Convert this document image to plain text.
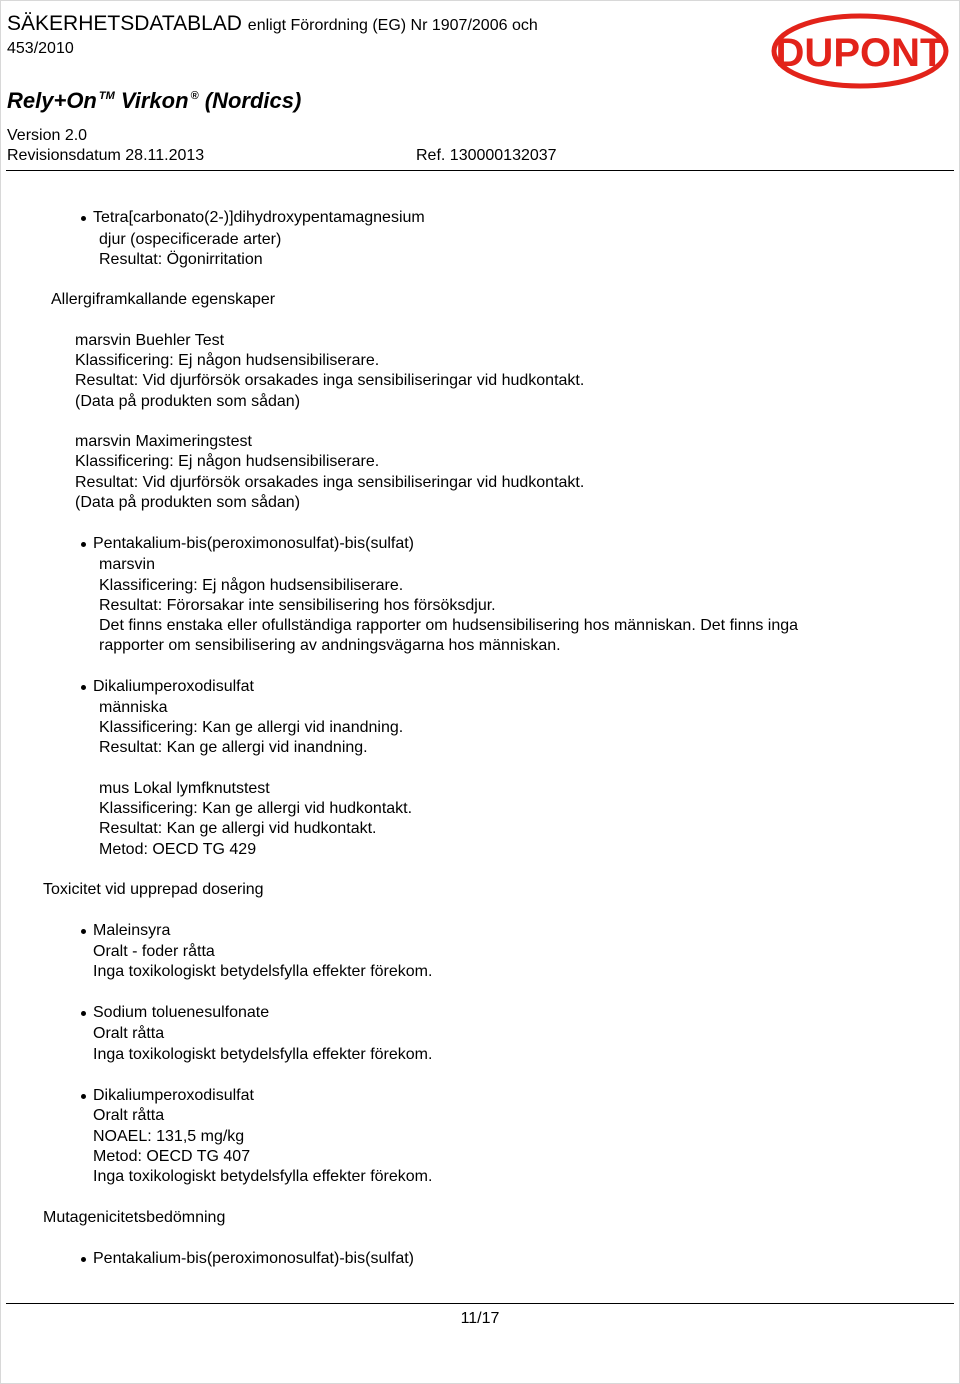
SÄKERHETSDATABLAD enligt Förordning (EG) Nr 1907/2006 och
453/2010
Rely+On ™ Virkon ® (Nordics)
Version 2.0
Revisionsdatum 28.11.2013	Ref. 130000132037
DUPONT
Tetra[carbonato(2-)]dihydroxypentamagnesium
djur (ospecificerade arter)
Resultat: Ögonirritation
Allergiframkallande egenskaper
marsvin Buehler Test
Klassificering: Ej någon hudsensibiliserare.
Resultat: Vid djurförsök orsakades inga sensibiliseringar vid hudkontakt.
(Data på produkten som sådan)
marsvin Maximeringstest
Klassificering: Ej någon hudsensibiliserare.
Resultat: Vid djurförsök orsakades inga sensibiliseringar vid hudkontakt.
(Data på produkten som sådan)
Pentakalium-bis(peroximonosulfat)-bis(sulfat)
marsvin
Klassificering: Ej någon hudsensibiliserare.
Resultat: Förorsakar inte sensibilisering hos försöksdjur.
Det finns enstaka eller ofullständiga rapporter om hudsensibilisering hos människan. Det finns inga
rapporter om sensibilisering av andningsvägarna hos människan.
Dikaliumperoxodisulfat
människa
Klassificering: Kan ge allergi vid inandning.
Resultat: Kan ge allergi vid inandning.
mus Lokal lymfknutstest
Klassificering: Kan ge allergi vid hudkontakt.
Resultat: Kan ge allergi vid hudkontakt.
Metod: OECD TG 429
Toxicitet vid upprepad dosering
Maleinsyra
Oralt - foder råtta
Inga toxikologiskt betydelsfylla effekter förekom.
Sodium toluenesulfonate
Oralt råtta
Inga toxikologiskt betydelsfylla effekter förekom.
Dikaliumperoxodisulfat
Oralt råtta
NOAEL: 131,5 mg/kg
Metod: OECD TG 407
Inga toxikologiskt betydelsfylla effekter förekom.
Mutagenicitetsbedömning
Pentakalium-bis(peroximonosulfat)-bis(sulfat)
11/17
